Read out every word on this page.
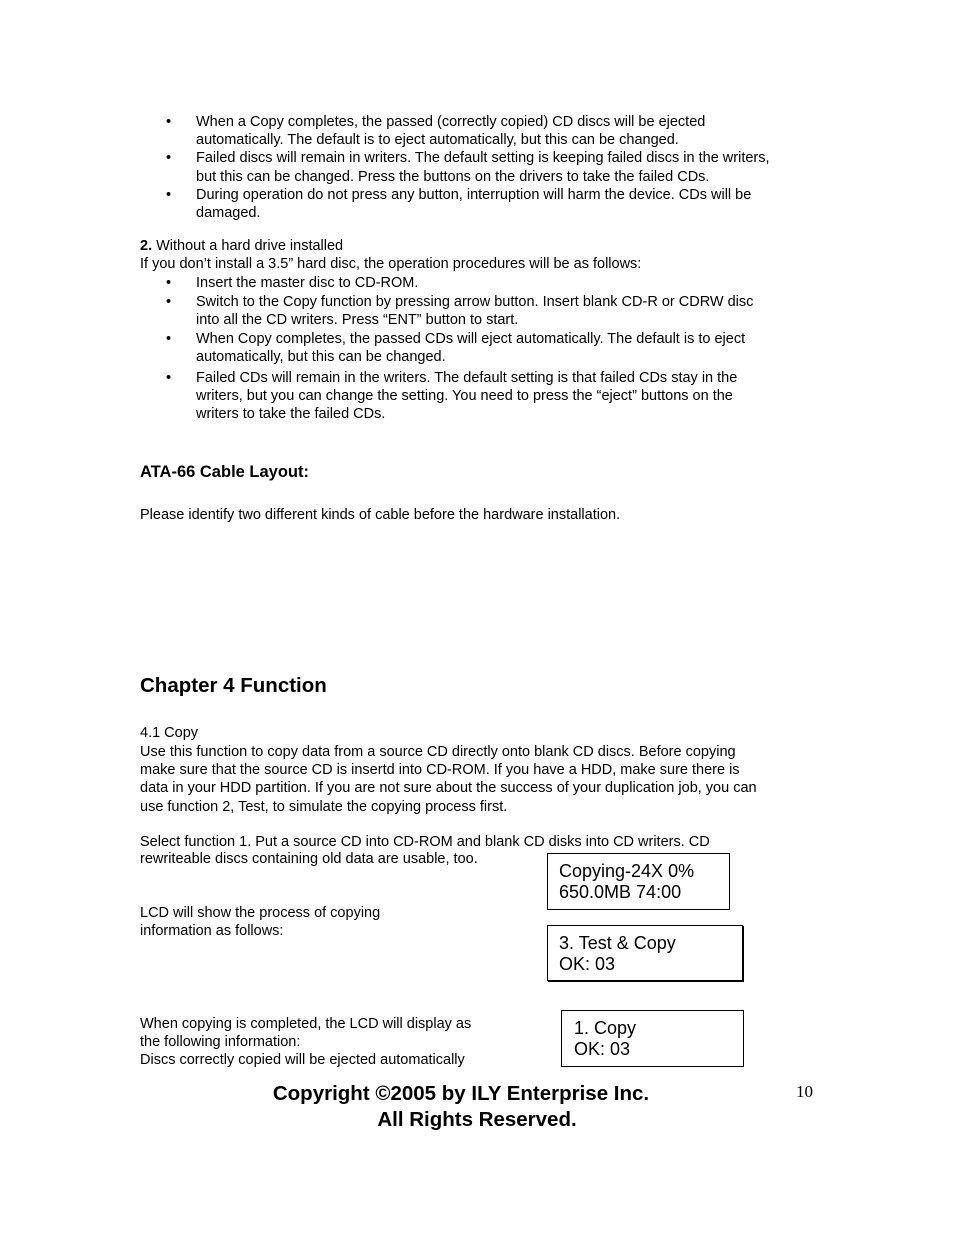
• When a Copy completes, the passed (correctly copied) CD discs will be ejected
automatically. The default is to eject automatically, but this can be changed.
• Failed discs will remain in writers. The default setting is keeping failed discs in the writers,
but this can be changed. Press the buttons on the drivers to take the failed CDs.
• During operation do not press any button, interruption will harm the device. CDs will be
damaged.
2. Without a hard drive installed
If you don’t install a 3.5” hard disc, the operation procedures will be as follows:
• Insert the master disc to CD-ROM.
• Switch to the Copy function by pressing arrow button. Insert blank CD-R or CDRW disc
into all the CD writers. Press “ENT” button to start.
• When Copy completes, the passed CDs will eject automatically. The default is to eject
automatically, but this can be changed.
• Failed CDs will remain in the writers. The default setting is that failed CDs stay in the
writers, but you can change the setting. You need to press the “eject” buttons on the
writers to take the failed CDs.
ATA-66 Cable Layout:
Please identify two different kinds of cable before the hardware installation.
Chapter 4 Function
4.1 Copy
Use this function to copy data from a source CD directly onto blank CD discs. Before copying
make sure that the source CD is insertd into CD-ROM. If you have a HDD, make sure there is
data in your HDD partition. If you are not sure about the success of your duplication job, you can
use function 2, Test, to simulate the copying process first.
Select function 1. Put a source CD into CD-ROM and blank CD disks into CD writers. CD
rewriteable discs containing old data are usable, too.
LCD will show the process of copying
information as follows:
When copying is completed, the LCD will display as
the following information:
Discs correctly copied will be ejected automatically
Copying-24X 0%
650.0MB 74:00
3. Test & Copy
OK: 03
1. Copy
OK: 03
Copyright ©2005 by ILY Enterprise Inc.
All Rights Reserved.
10
